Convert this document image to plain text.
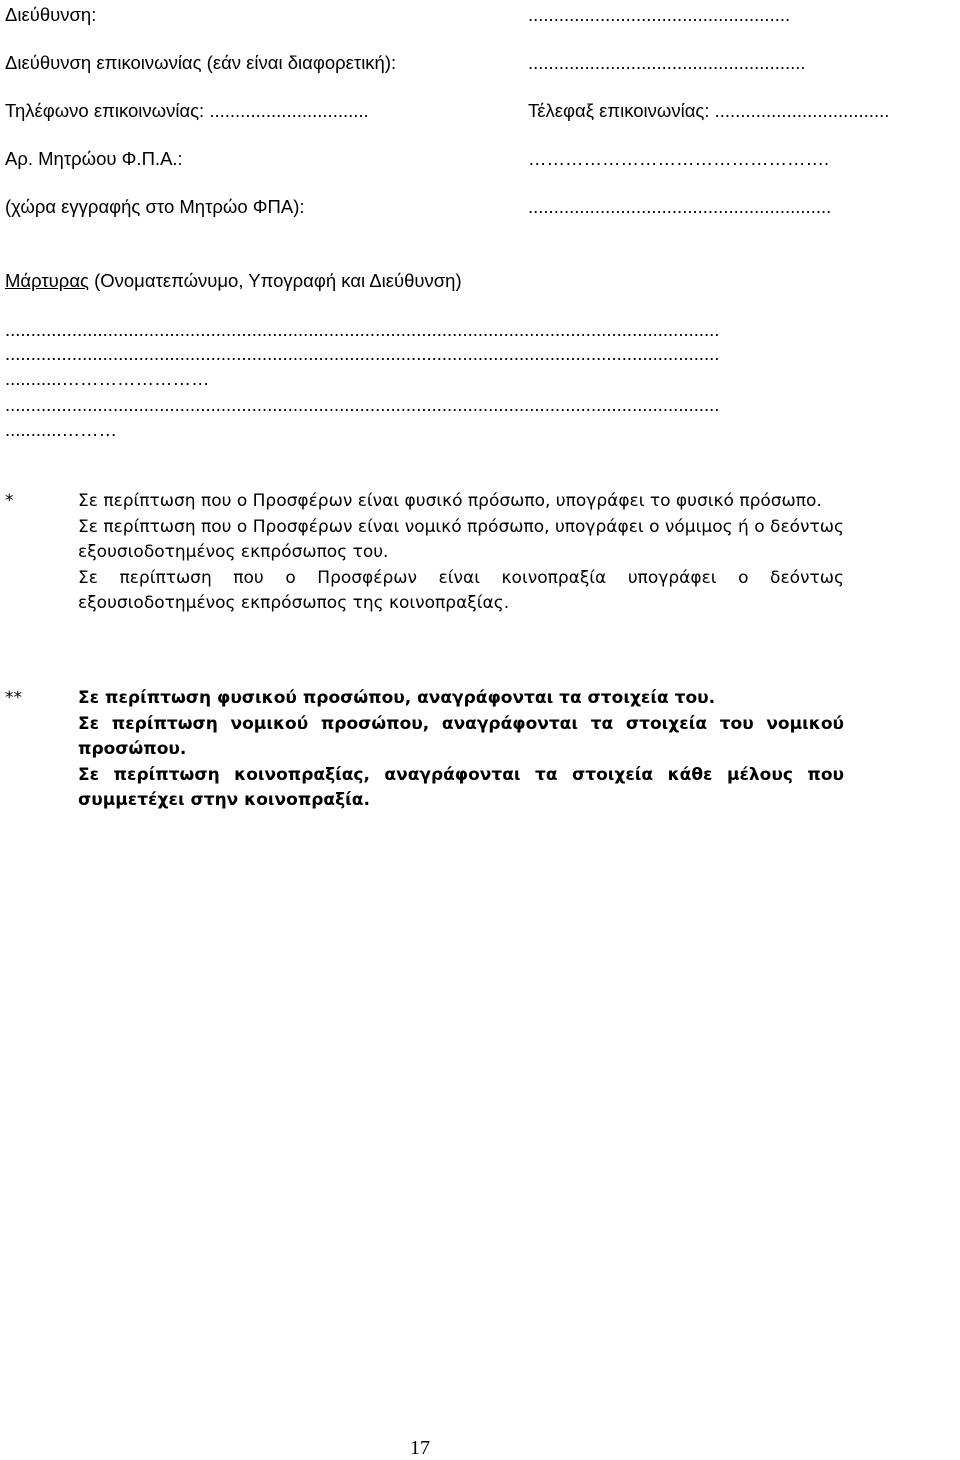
Διεύθυνση:	...................................................
Διεύθυνση επικοινωνίας (εάν είναι διαφορετική):	......................................................
Τηλέφωνο επικοινωνίας: ...............................	Τέλεφαξ επικοινωνίας: ..................................
Αρ. Μητρώου Φ.Π.Α.:	………………………………………….
(χώρα εγγραφής στο Μητρώο ΦΠΑ):	...........................................................
Μάρτυρας (Ονοματεπώνυμο, Υπογραφή και Διεύθυνση)
...........................................................................................................................................
...........................................................................................................................................
...........……………………
...........................................................................................................................................
...........………
*	Σε περίπτωση που ο Προσφέρων είναι φυσικό πρόσωπο, υπογράφει το φυσικό πρόσωπο.

Σε περίπτωση που ο Προσφέρων είναι νομικό πρόσωπο, υπογράφει ο νόμιμος ή ο δεόντως εξουσιοδοτημένος εκπρόσωπος του.

Σε περίπτωση που ο Προσφέρων είναι κοινοπραξία υπογράφει ο δεόντως εξουσιοδοτημένος εκπρόσωπος της κοινοπραξίας.

**	Σε περίπτωση φυσικού προσώπου, αναγράφονται τα στοιχεία του.

Σε περίπτωση νομικού προσώπου, αναγράφονται τα στοιχεία του νομικού προσώπου.

Σε περίπτωση κοινοπραξίας, αναγράφονται τα στοιχεία κάθε μέλους που συμμετέχει στην κοινοπραξία.

17
